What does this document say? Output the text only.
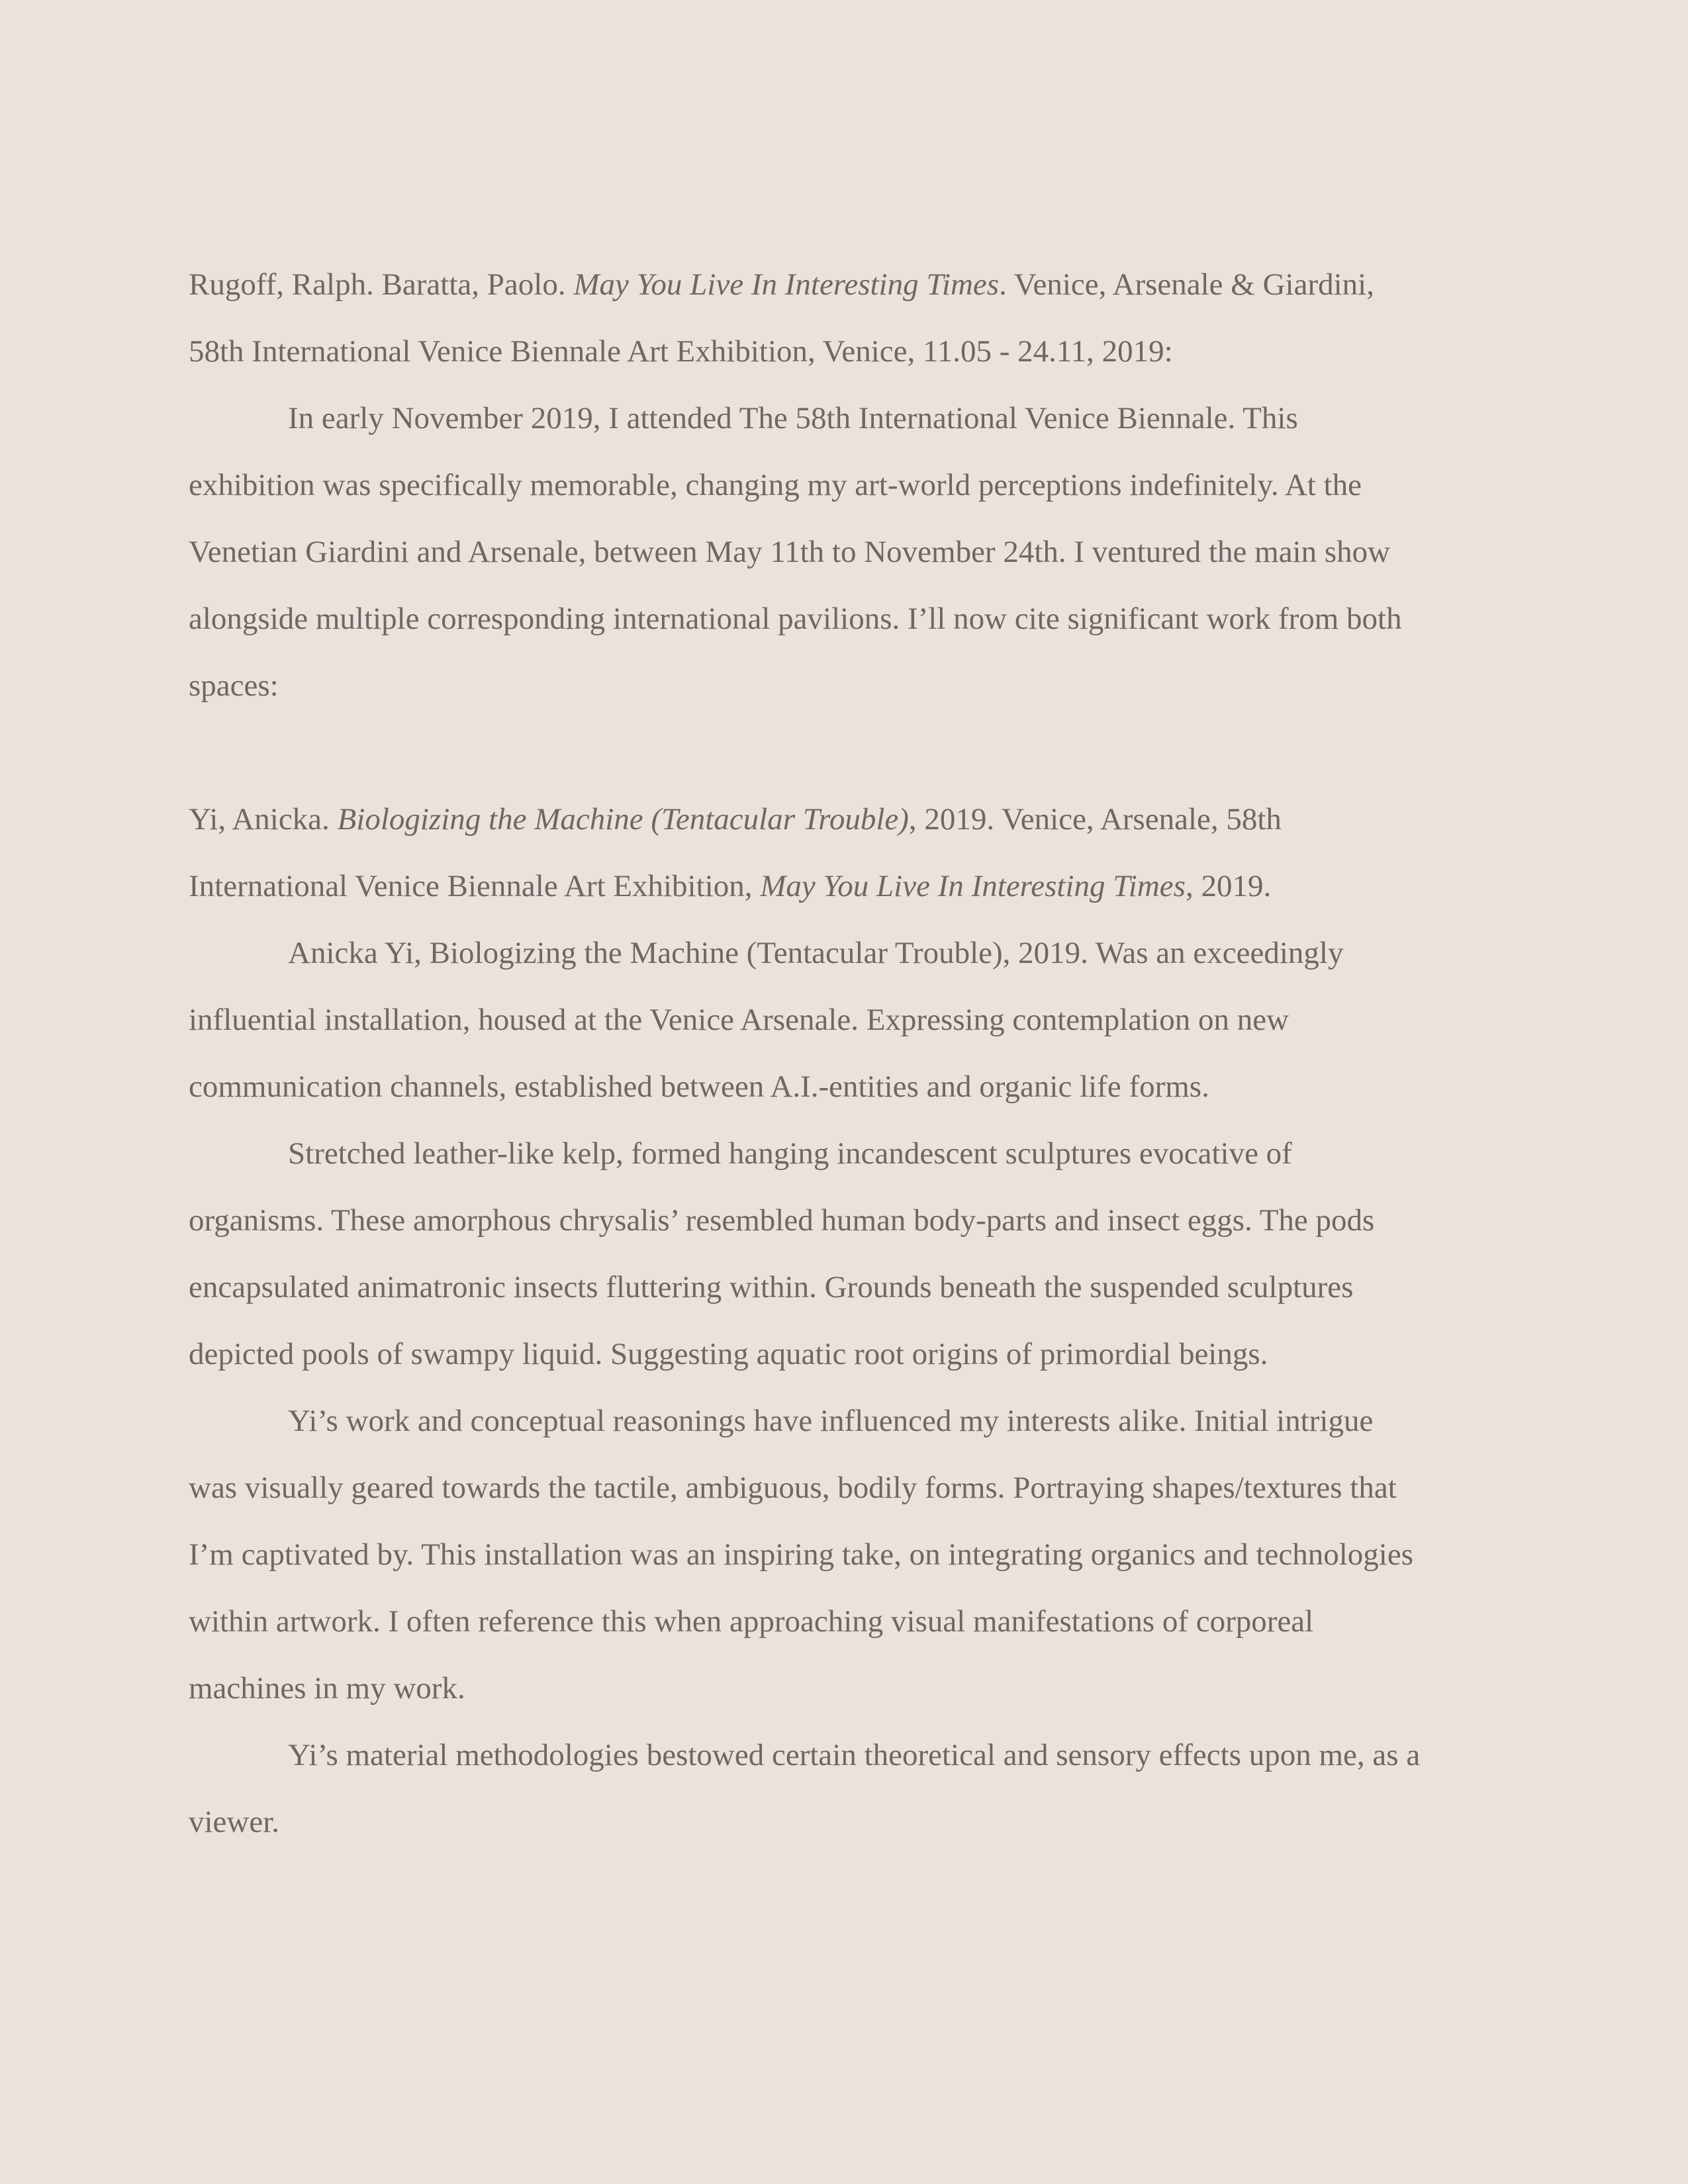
Rugoff, Ralph. Baratta, Paolo. May You Live In Interesting Times. Venice, Arsenale & Giardini,

58th International Venice Biennale Art Exhibition, Venice, 11.05 - 24.11, 2019:

In early November 2019, I attended The 58th International Venice Biennale. This

exhibition was specifically memorable, changing my art-world perceptions indefinitely. At the

Venetian Giardini and Arsenale, between May 11th to November 24th. I ventured the main show

alongside multiple corresponding international pavilions. I’ll now cite significant work from both

spaces:

Yi, Anicka. Biologizing the Machine (Tentacular Trouble), 2019. Venice, Arsenale, 58th

International Venice Biennale Art Exhibition, May You Live In Interesting Times, 2019.

Anicka Yi, Biologizing the Machine (Tentacular Trouble), 2019. Was an exceedingly

influential installation, housed at the Venice Arsenale. Expressing contemplation on new

communication channels, established between A.I.-entities and organic life forms.

Stretched leather-like kelp, formed hanging incandescent sculptures evocative of

organisms. These amorphous chrysalis’ resembled human body-parts and insect eggs. The pods

encapsulated animatronic insects fluttering within. Grounds beneath the suspended sculptures

depicted pools of swampy liquid. Suggesting aquatic root origins of primordial beings.

Yi’s work and conceptual reasonings have influenced my interests alike. Initial intrigue

was visually geared towards the tactile, ambiguous, bodily forms. Portraying shapes/textures that

I’m captivated by. This installation was an inspiring take, on integrating organics and technologies

within artwork. I often reference this when approaching visual manifestations of corporeal

machines in my work.

Yi’s material methodologies bestowed certain theoretical and sensory effects upon me, as a

viewer.
